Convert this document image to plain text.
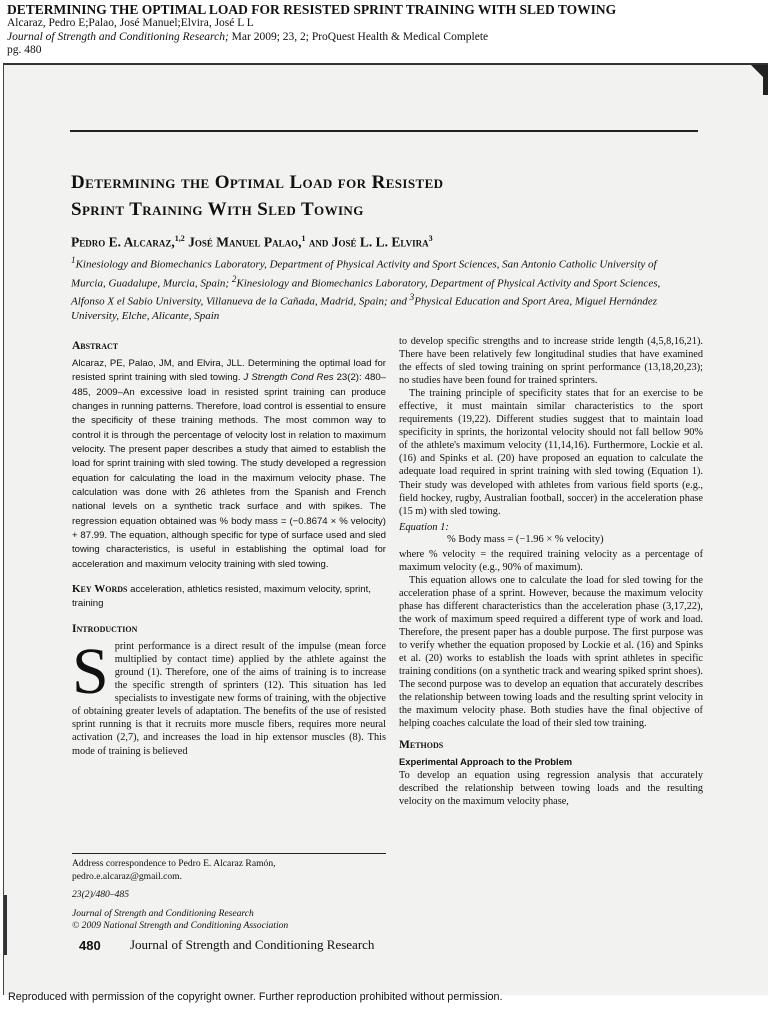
DETERMINING THE OPTIMAL LOAD FOR RESISTED SPRINT TRAINING WITH SLED TOWING
Alcaraz, Pedro E;Palao, José Manuel;Elvira, José L L
Journal of Strength and Conditioning Research; Mar 2009; 23, 2; ProQuest Health & Medical Complete
pg. 480
Determining the Optimal Load for Resisted
Sprint Training With Sled Towing
Pedro E. Alcaraz,$^{1,2}$ José Manuel Palao,$^1$ and José L. L. Elvira$^3$
$^1$Kinesiology and Biomechanics Laboratory, Department of Physical Activity and Sport Sciences, San Antonio Catholic University of Murcia, Guadalupe, Murcia, Spain; $^2$Kinesiology and Biomechanics Laboratory, Department of Physical Activity and Sport Sciences, Alfonso X el Sabio University, Villanueva de la Cañada, Madrid, Spain; and $^3$Physical Education and Sport Area, Miguel Hernández University, Elche, Alicante, Spain
Abstract

Alcaraz, PE, Palao, JM, and Elvira, JLL. Determining the optimal load for resisted sprint training with sled towing. J Strength Cond Res 23(2): 480–485, 2009–An excessive load in resisted sprint training can produce changes in running patterns. Therefore, load control is essential to ensure the specificity of these training methods. The most common way to control it is through the percentage of velocity lost in relation to maximum velocity. The present paper describes a study that aimed to establish the load for sprint training with sled towing. The study developed a regression equation for calculating the load in the maximum velocity phase. The calculation was done with 26 athletes from the Spanish and French national levels on a synthetic track surface and with spikes. The regression equation obtained was % body mass = (−0.8674 × % velocity) + 87.99. The equation, although specific for type of surface used and sled towing characteristics, is useful in establishing the optimal load for acceleration and maximum velocity training with sled towing.

Key Words acceleration, athletics resisted, maximum velocity, sprint, training

Introduction

Sprint performance is a direct result of the impulse (mean force multiplied by contact time) applied by the athlete against the ground (1). Therefore, one of the aims of training is to increase the specific strength of sprinters (12). This situation has led specialists to investigate new forms of training, with the objective of obtaining greater levels of adaptation. The benefits of the use of resisted sprint running is that it recruits more muscle fibers, requires more neural activation (2,7), and increases the load in hip extensor muscles (8). This mode of training is believed

to develop specific strengths and to increase stride length (4,5,8,16,21). There have been relatively few longitudinal studies that have examined the effects of sled towing training on sprint performance (13,18,20,23); no studies have been found for trained sprinters.

The training principle of specificity states that for an exercise to be effective, it must maintain similar characteristics to the sport requirements (19,22). Different studies suggest that to maintain load specificity in sprints, the horizontal velocity should not fall bellow 90% of the athlete's maximum velocity (11,14,16). Furthermore, Lockie et al. (16) and Spinks et al. (20) have proposed an equation to calculate the adequate load required in sprint training with sled towing (Equation 1). Their study was developed with athletes from various field sports (e.g., field hockey, rugby, Australian football, soccer) in the acceleration phase (15 m) with sled towing.

Equation 1:
% Body mass = (−1.96 × % velocity)

where % velocity = the required training velocity as a percentage of maximum velocity (e.g., 90% of maximum).

This equation allows one to calculate the load for sled towing for the acceleration phase of a sprint. However, because the maximum velocity phase has different characteristics than the acceleration phase (3,17,22), the work of maximum speed required a different type of work and load. Therefore, the present paper has a double purpose. The first purpose was to verify whether the equation proposed by Lockie et al. (16) and Spinks et al. (20) works to establish the loads with sprint athletes in specific training conditions (on a synthetic track and wearing spiked sprint shoes). The second purpose was to develop an equation that accurately describes the relationship between towing loads and the resulting sprint velocity in the maximum velocity phase. Both studies have the final objective of helping coaches calculate the load of their sled tow training.

Methods
Experimental Approach to the Problem

To develop an equation using regression analysis that accurately described the relationship between towing loads and the resulting velocity on the maximum velocity phase,

Address correspondence to Pedro E. Alcaraz Ramón, pedro.e.alcaraz@gmail.com.
23(2)/480–485
Journal of Strength and Conditioning Research
© 2009 National Strength and Conditioning Association
480 Journal of Strength and Conditioning Research
Reproduced with permission of the copyright owner. Further reproduction prohibited without permission.
